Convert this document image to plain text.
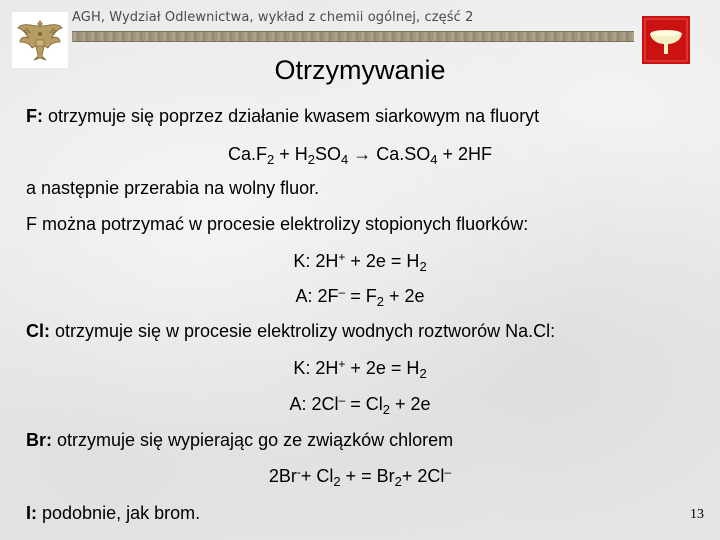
AGH, Wydział Odlewnictwa, wykład z chemii ogólnej, część 2
Otrzymywanie
F: otrzymuje się poprzez działanie kwasem siarkowym na fluoryt
$Ca.F_2 + H_2SO_4 \to Ca.SO_4 + 2HF$
a następnie przerabia na wolny fluor.
F można potrzymać w procesie elektrolizy stopionych fluorków:
K: $2H^+ + 2e = H_2$
A: $2F^- = F_2 + 2e$
Cl: otrzymuje się w procesie elektrolizy wodnych roztworów Na.Cl:
K: $2H^+ + 2e = H_2$
A: $2Cl^- = Cl_2 + 2e$
Br: otrzymuje się wypierając go ze związków chlorem
$2Br^-+ Cl_2$ + = $Br_2+ 2Cl^-$
I: podobnie, jak brom.	13
